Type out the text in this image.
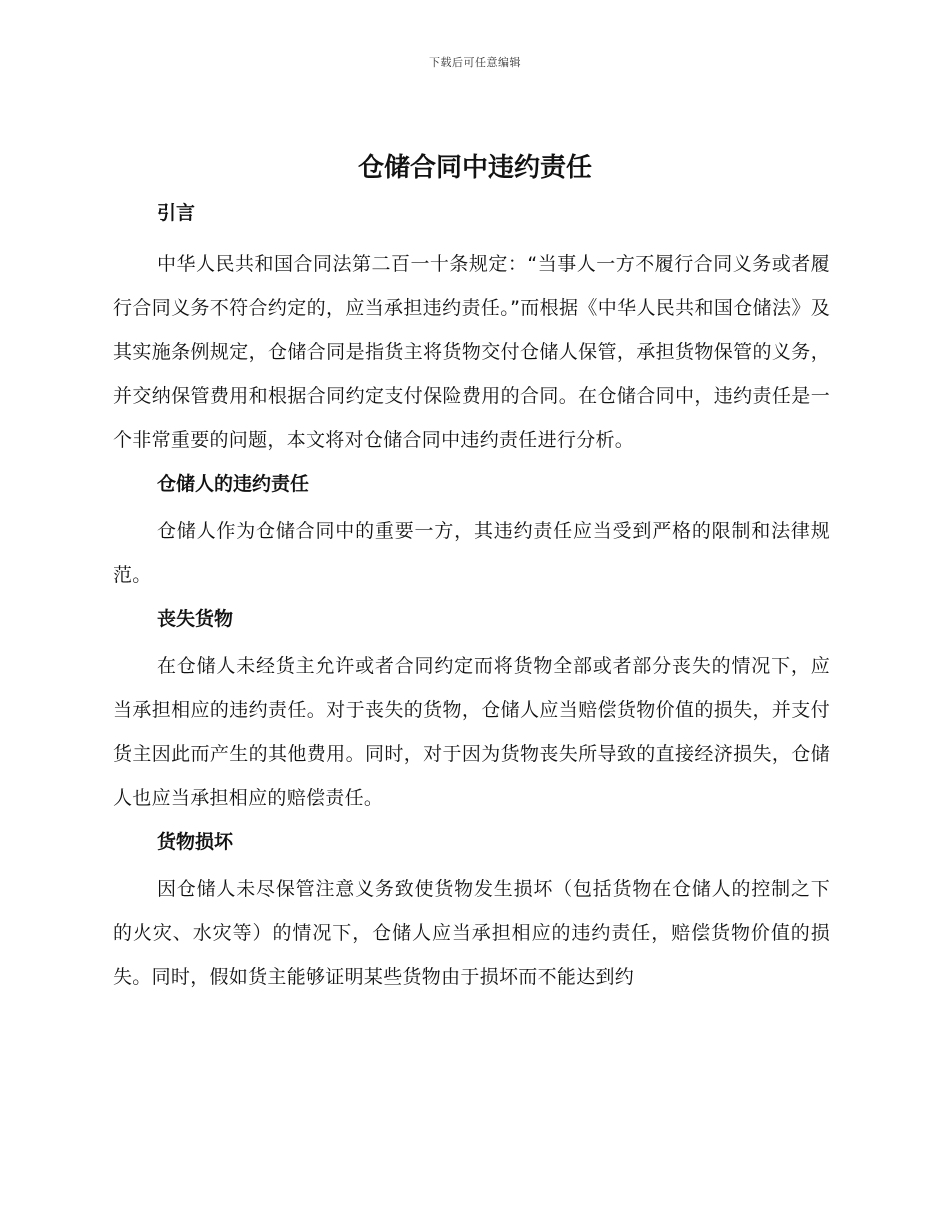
下载后可任意编辑
仓储合同中违约责任
引言

中华人民共和国合同法第二百一十条规定：“当事人一方不履行合同义务或者履行合同义务不符合约定的，应当承担违约责任。”而根据《中华人民共和国仓储法》及其实施条例规定，仓储合同是指货主将货物交付仓储人保管，承担货物保管的义务，并交纳保管费用和根据合同约定支付保险费用的合同。在仓储合同中，违约责任是一个非常重要的问题，本文将对仓储合同中违约责任进行分析。

仓储人的违约责任

仓储人作为仓储合同中的重要一方，其违约责任应当受到严格的限制和法律规范。

丧失货物

在仓储人未经货主允许或者合同约定而将货物全部或者部分丧失的情况下，应当承担相应的违约责任。对于丧失的货物，仓储人应当赔偿货物价值的损失，并支付货主因此而产生的其他费用。同时，对于因为货物丧失所导致的直接经济损失，仓储人也应当承担相应的赔偿责任。

货物损坏

因仓储人未尽保管注意义务致使货物发生损坏（包括货物在仓储人的控制之下的火灾、水灾等）的情况下，仓储人应当承担相应的违约责任，赔偿货物价值的损失。同时，假如货主能够证明某些货物由于损坏而不能达到约
